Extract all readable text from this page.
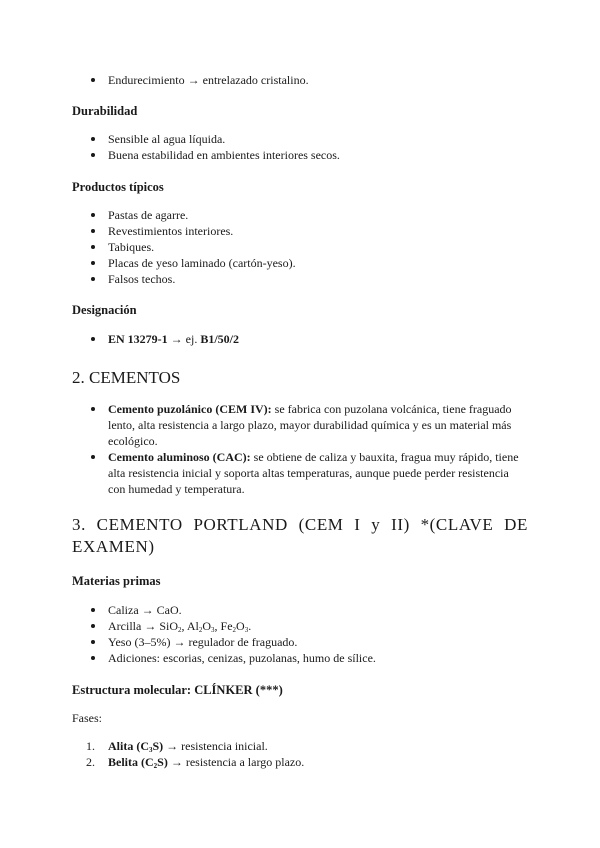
Endurecimiento → entrelazado cristalino.
Durabilidad
Sensible al agua líquida.
Buena estabilidad en ambientes interiores secos.
Productos típicos
Pastas de agarre.
Revestimientos interiores.
Tabiques.
Placas de yeso laminado (cartón-yeso).
Falsos techos.
Designación
EN 13279-1 → ej. B1/50/2
2. CEMENTOS
Cemento puzolánico (CEM IV): se fabrica con puzolana volcánica, tiene fraguado lento, alta resistencia a largo plazo, mayor durabilidad química y es un material más ecológico.
Cemento aluminoso (CAC): se obtiene de caliza y bauxita, fragua muy rápido, tiene alta resistencia inicial y soporta altas temperaturas, aunque puede perder resistencia con humedad y temperatura.
3. CEMENTO PORTLAND (CEM I y II) *(CLAVE DE EXAMEN)
Materias primas
Caliza → CaO.
Arcilla → SiO$_2$, $Al_2O_3$, $Fe_2O_3$.
Yeso (3–5%) → regulador de fraguado.
Adiciones: escorias, cenizas, puzolanas, humo de sílice.
Estructura molecular: CLÍNKER (***)

Fases:

1. Alita $(C_3S)$ → resistencia inicial.
2. Belita $(C_2S)$ → resistencia a largo plazo.
